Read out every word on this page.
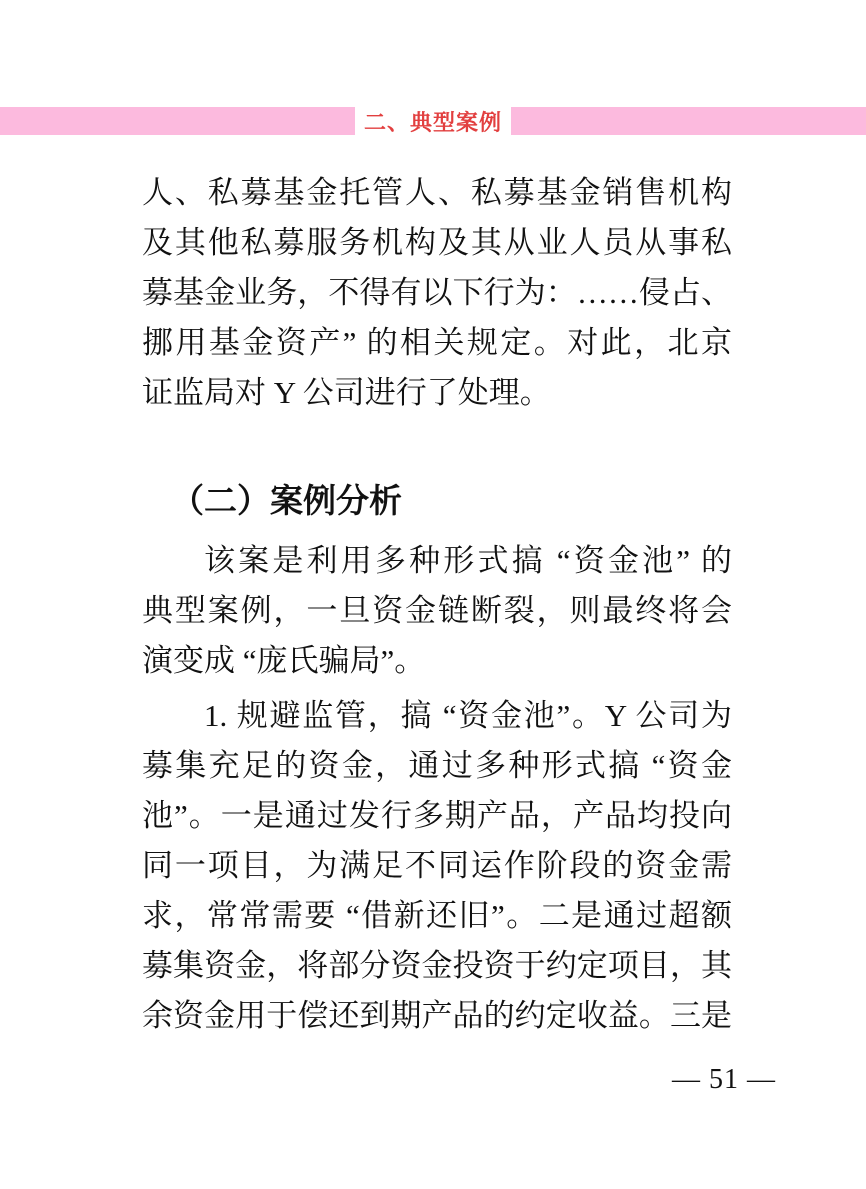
二、典型案例
人、私募基金托管人、私募基金销售机构
及其他私募服务机构及其从业人员从事私
募基金业务，不得有以下行为：……侵占、
挪用基金资产” 的相关规定。对此，北京
证监局对 Y 公司进行了处理。
（二）案例分析
该案是利用多种形式搞 “资金池” 的
典型案例，一旦资金链断裂，则最终将会
演变成 “庞氏骗局”。
1. 规避监管，搞 “资金池”。Y 公司为
募集充足的资金，通过多种形式搞 “资金
池”。一是通过发行多期产品，产品均投向
同一项目，为满足不同运作阶段的资金需
求，常常需要 “借新还旧”。二是通过超额
募集资金，将部分资金投资于约定项目，其
余资金用于偿还到期产品的约定收益。三是
— 51 —
